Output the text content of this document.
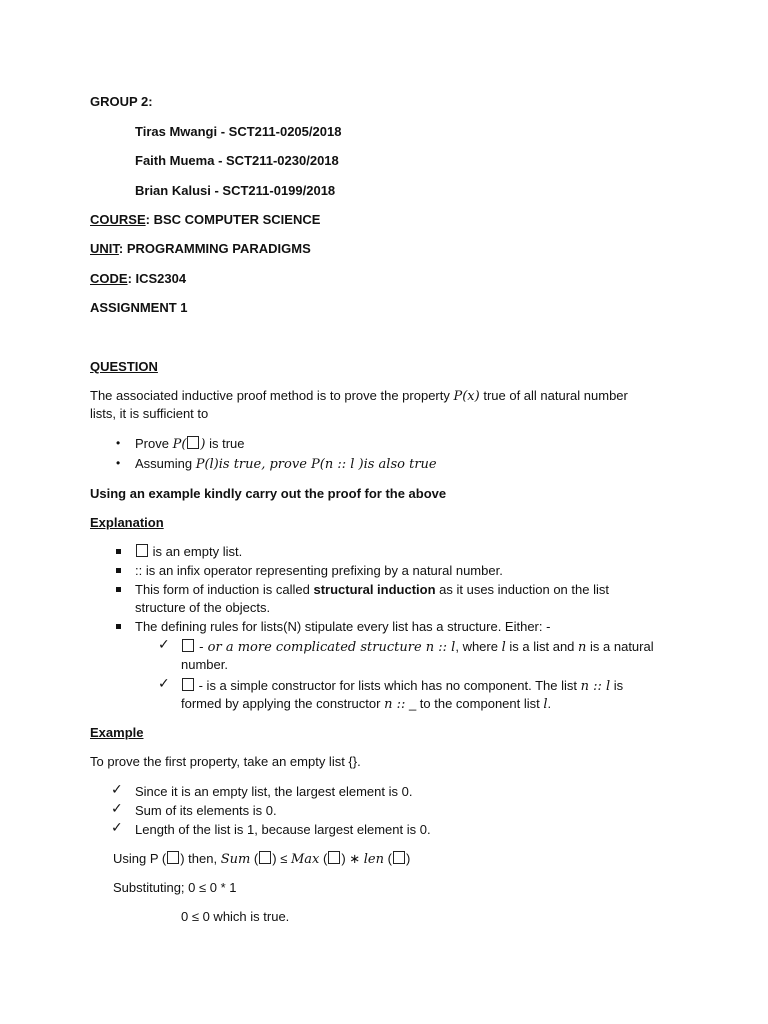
GROUP 2:
Tiras Mwangi - SCT211-0205/2018
Faith Muema - SCT211-0230/2018
Brian Kalusi - SCT211-0199/2018
COURSE: BSC COMPUTER SCIENCE
UNIT: PROGRAMMING PARADIGMS
CODE: ICS2304
ASSIGNMENT 1
QUESTION
The associated inductive proof method is to prove the property P(x) true of all natural number
lists, it is sufficient to
• Prove P( ) is true
• Assuming P(l)is true, prove P(n :: l )is also true
Using an example kindly carry out the proof for the above
Explanation
is an empty list.
:: is an infix operator representing prefixing by a natural number.
This form of induction is called structural induction as it uses induction on the list
structure of the objects.
The defining rules for lists(N) stipulate every list has a structure. Either: -
✓	- or a more complicated structure n :: l, where l is a list and n is a natural
number.
✓	- is a simple constructor for lists which has no component. The list n :: l is
formed by applying the constructor n :: _ to the component list l.
Example
To prove the first property, take an empty list {}.
✓ Since it is an empty list, the largest element is 0.
✓ Sum of its elements is 0.
✓ Length of the list is 1, because largest element is 0.
Using P ( ) then, Sum ( ) ≤ Max ( ) ∗ len ( )
Substituting; 0 ≤ 0 * 1
0 ≤ 0 which is true.
